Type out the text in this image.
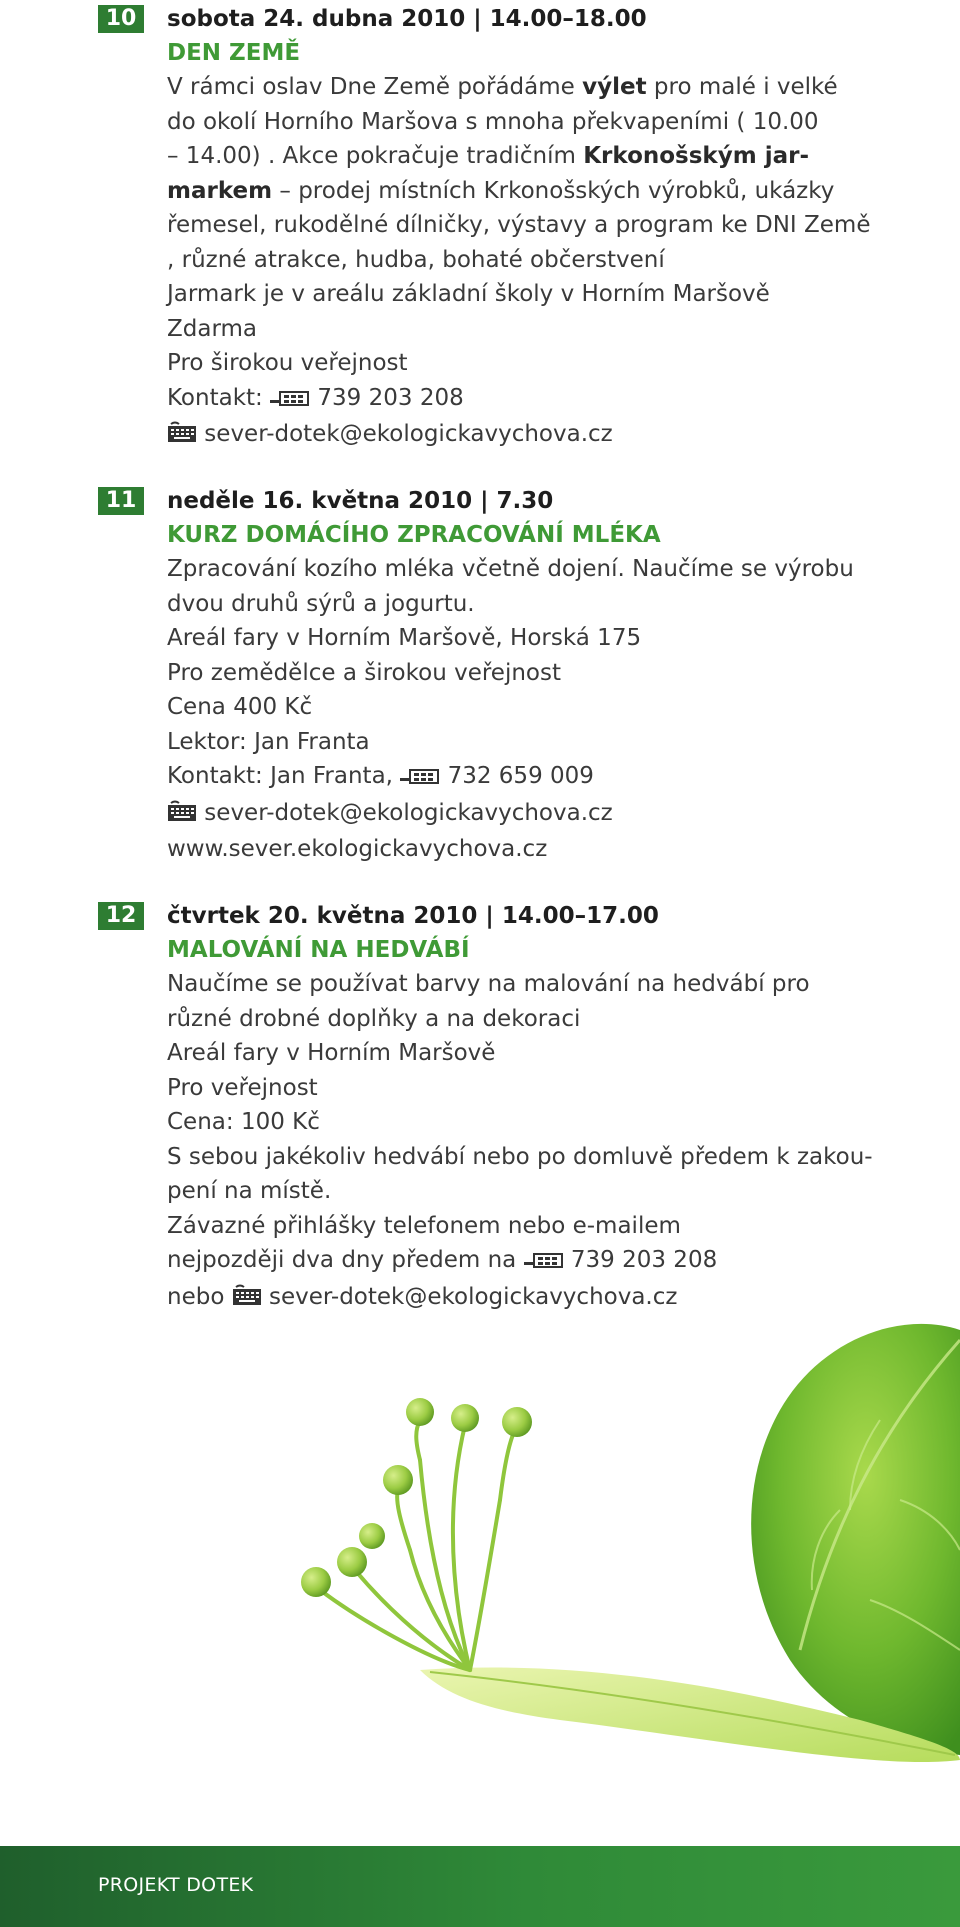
10	sobota 24. dubna 2010 | 14.00–18.00
DEN ZEMĚ
V rámci oslav Dne Země pořádáme výlet pro malé i velké
do okolí Horního Maršova s mnoha překvapeními ( 10.00
– 14.00) . Akce pokračuje tradičním Krkonošským jar-
markem – prodej místních Krkonošských výrobků, ukázky
řemesel, rukodělné dílničky, výstavy a program ke DNI Země
, různé atrakce, hudba, bohaté občerstvení
Jarmark je v areálu základní školy v Horním Maršově
Zdarma
Pro širokou veřejnost
Kontakt:  739 203 208
sever-dotek@ekologickavychova.cz
11	neděle 16. května 2010 | 7.30
KURZ DOMÁCÍHO ZPRACOVÁNÍ MLÉKA
Zpracování kozího mléka včetně dojení. Naučíme se výrobu
dvou druhů sýrů a jogurtu.
Areál fary v Horním Maršově, Horská 175
Pro zemědělce a širokou veřejnost
Cena 400 Kč
Lektor: Jan Franta
Kontakt: Jan Franta,  732 659 009
sever-dotek@ekologickavychova.cz
www.sever.ekologickavychova.cz
12	čtvrtek 20. května 2010 | 14.00–17.00
MALOVÁNÍ NA HEDVÁBÍ
Naučíme se používat barvy na malování na hedvábí pro
různé drobné doplňky a na dekoraci
Areál fary v Horním Maršově
Pro veřejnost
Cena: 100 Kč
S sebou jakékoliv hedvábí nebo po domluvě předem k zakou-
pení na místě.
Závazné přihlášky telefonem nebo e-mailem
nejpozději dva dny předem na  739 203 208
nebo  sever-dotek@ekologickavychova.cz
PROJEKT DOTEK
